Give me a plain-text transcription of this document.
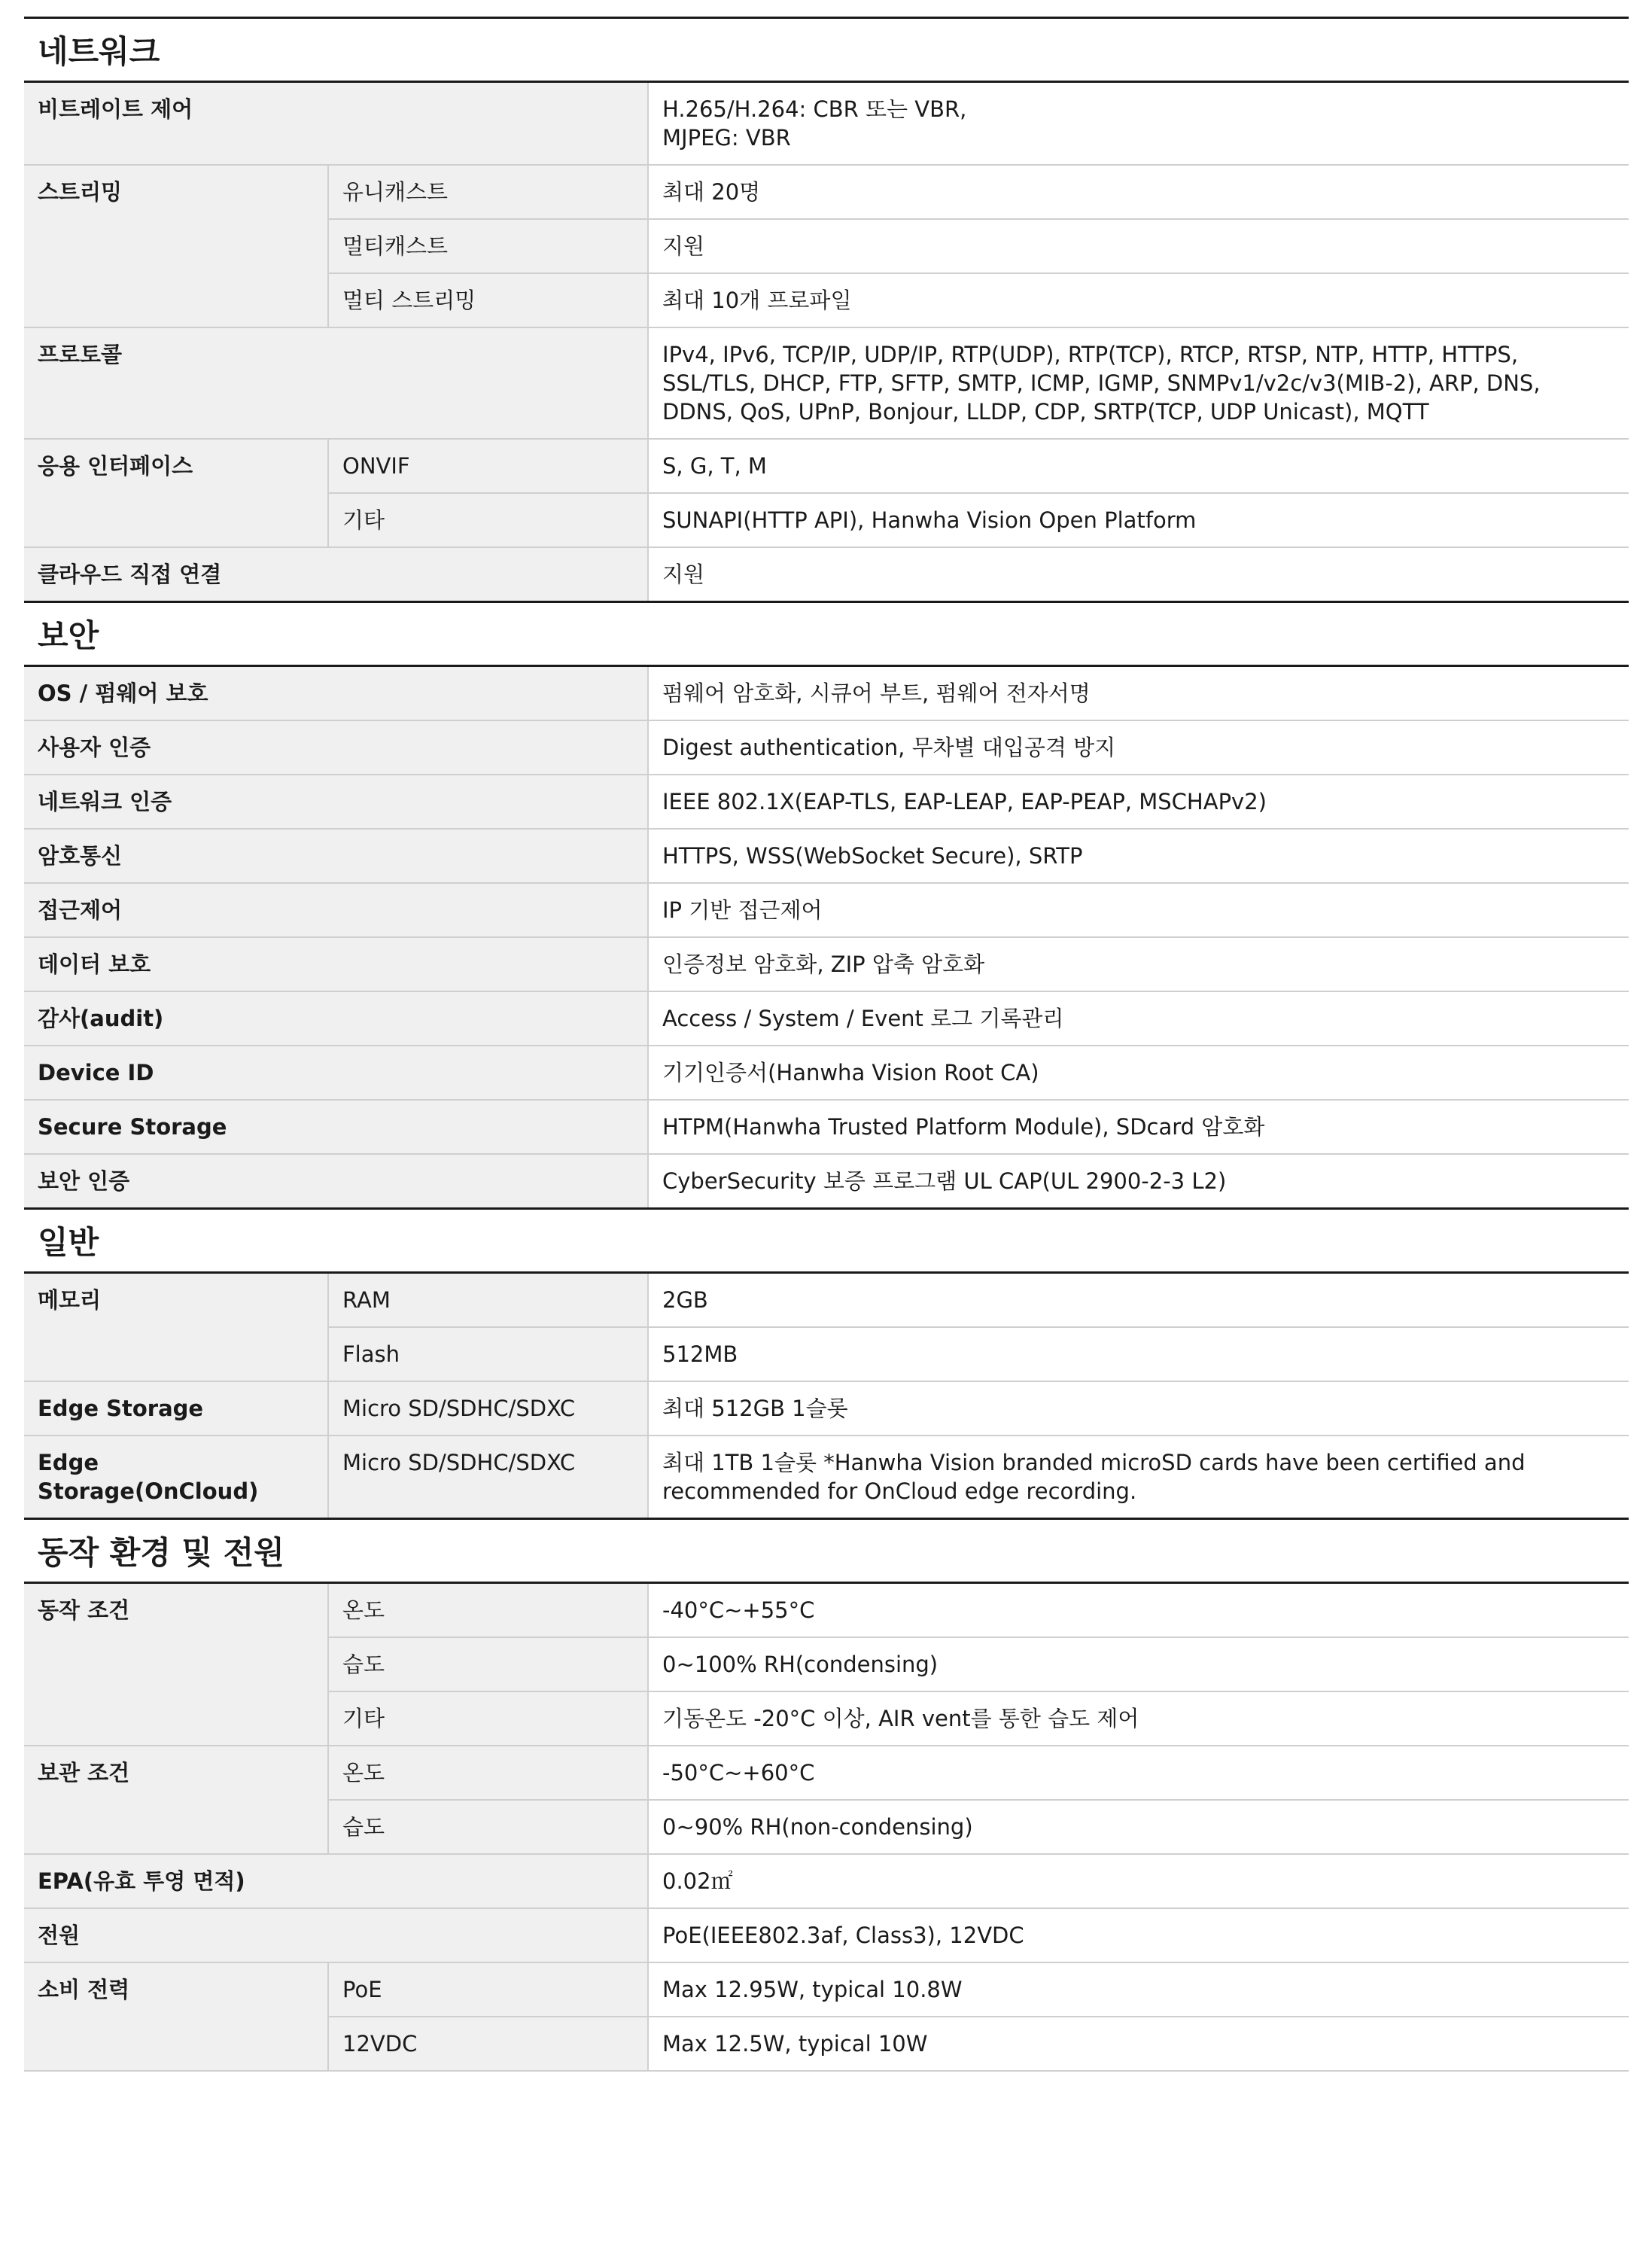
네트워크
비트레이트 제어		H.265/H.264: CBR 또는 VBR,
MJPEG: VBR
스트리밍	유니캐스트	최대 20명
	멀티캐스트	지원
	멀티 스트리밍	최대 10개 프로파일
프로토콜		IPv4, IPv6, TCP/IP, UDP/IP, RTP(UDP), RTP(TCP), RTCP, RTSP, NTP, HTTP, HTTPS,
SSL/TLS, DHCP, FTP, SFTP, SMTP, ICMP, IGMP, SNMPv1/v2c/v3(MIB-2), ARP, DNS,
DDNS, QoS, UPnP, Bonjour, LLDP, CDP, SRTP(TCP, UDP Unicast), MQTT
응용 인터페이스	ONVIF	S, G, T, M
	기타	SUNAPI(HTTP API), Hanwha Vision Open Platform
클라우드 직접 연결		지원
보안
OS / 펌웨어 보호	펌웨어 암호화, 시큐어 부트, 펌웨어 전자서명
사용자 인증	Digest authentication, 무차별 대입공격 방지
네트워크 인증	IEEE 802.1X(EAP-TLS, EAP-LEAP, EAP-PEAP, MSCHAPv2)
암호통신	HTTPS, WSS(WebSocket Secure), SRTP
접근제어	IP 기반 접근제어
데이터 보호	인증정보 암호화, ZIP 압축 암호화
감사(audit)	Access / System / Event 로그 기록관리
Device ID	기기인증서(Hanwha Vision Root CA)
Secure Storage	HTPM(Hanwha Trusted Platform Module), SDcard 암호화
보안 인증	CyberSecurity 보증 프로그램 UL CAP(UL 2900-2-3 L2)
일반
메모리	RAM	2GB
	Flash	512MB
Edge Storage	Micro SD/SDHC/SDXC	최대 512GB 1슬롯
Edge Storage(OnCloud)	Micro SD/SDHC/SDXC	최대 1TB 1슬롯 *Hanwha Vision branded microSD cards have been certified and
recommended for OnCloud edge recording.
동작 환경 및 전원
동작 조건	온도	-40°C~+55°C
	습도	0~100% RH(condensing)
	기타	기동온도 -20°C 이상, AIR vent를 통한 습도 제어
보관 조건	온도	-50°C~+60°C
	습도	0~90% RH(non-condensing)
EPA(유효 투영 면적)		0.02㎡
전원		PoE(IEEE802.3af, Class3), 12VDC
소비 전력	PoE	Max 12.95W, typical 10.8W
	12VDC	Max 12.5W, typical 10W
